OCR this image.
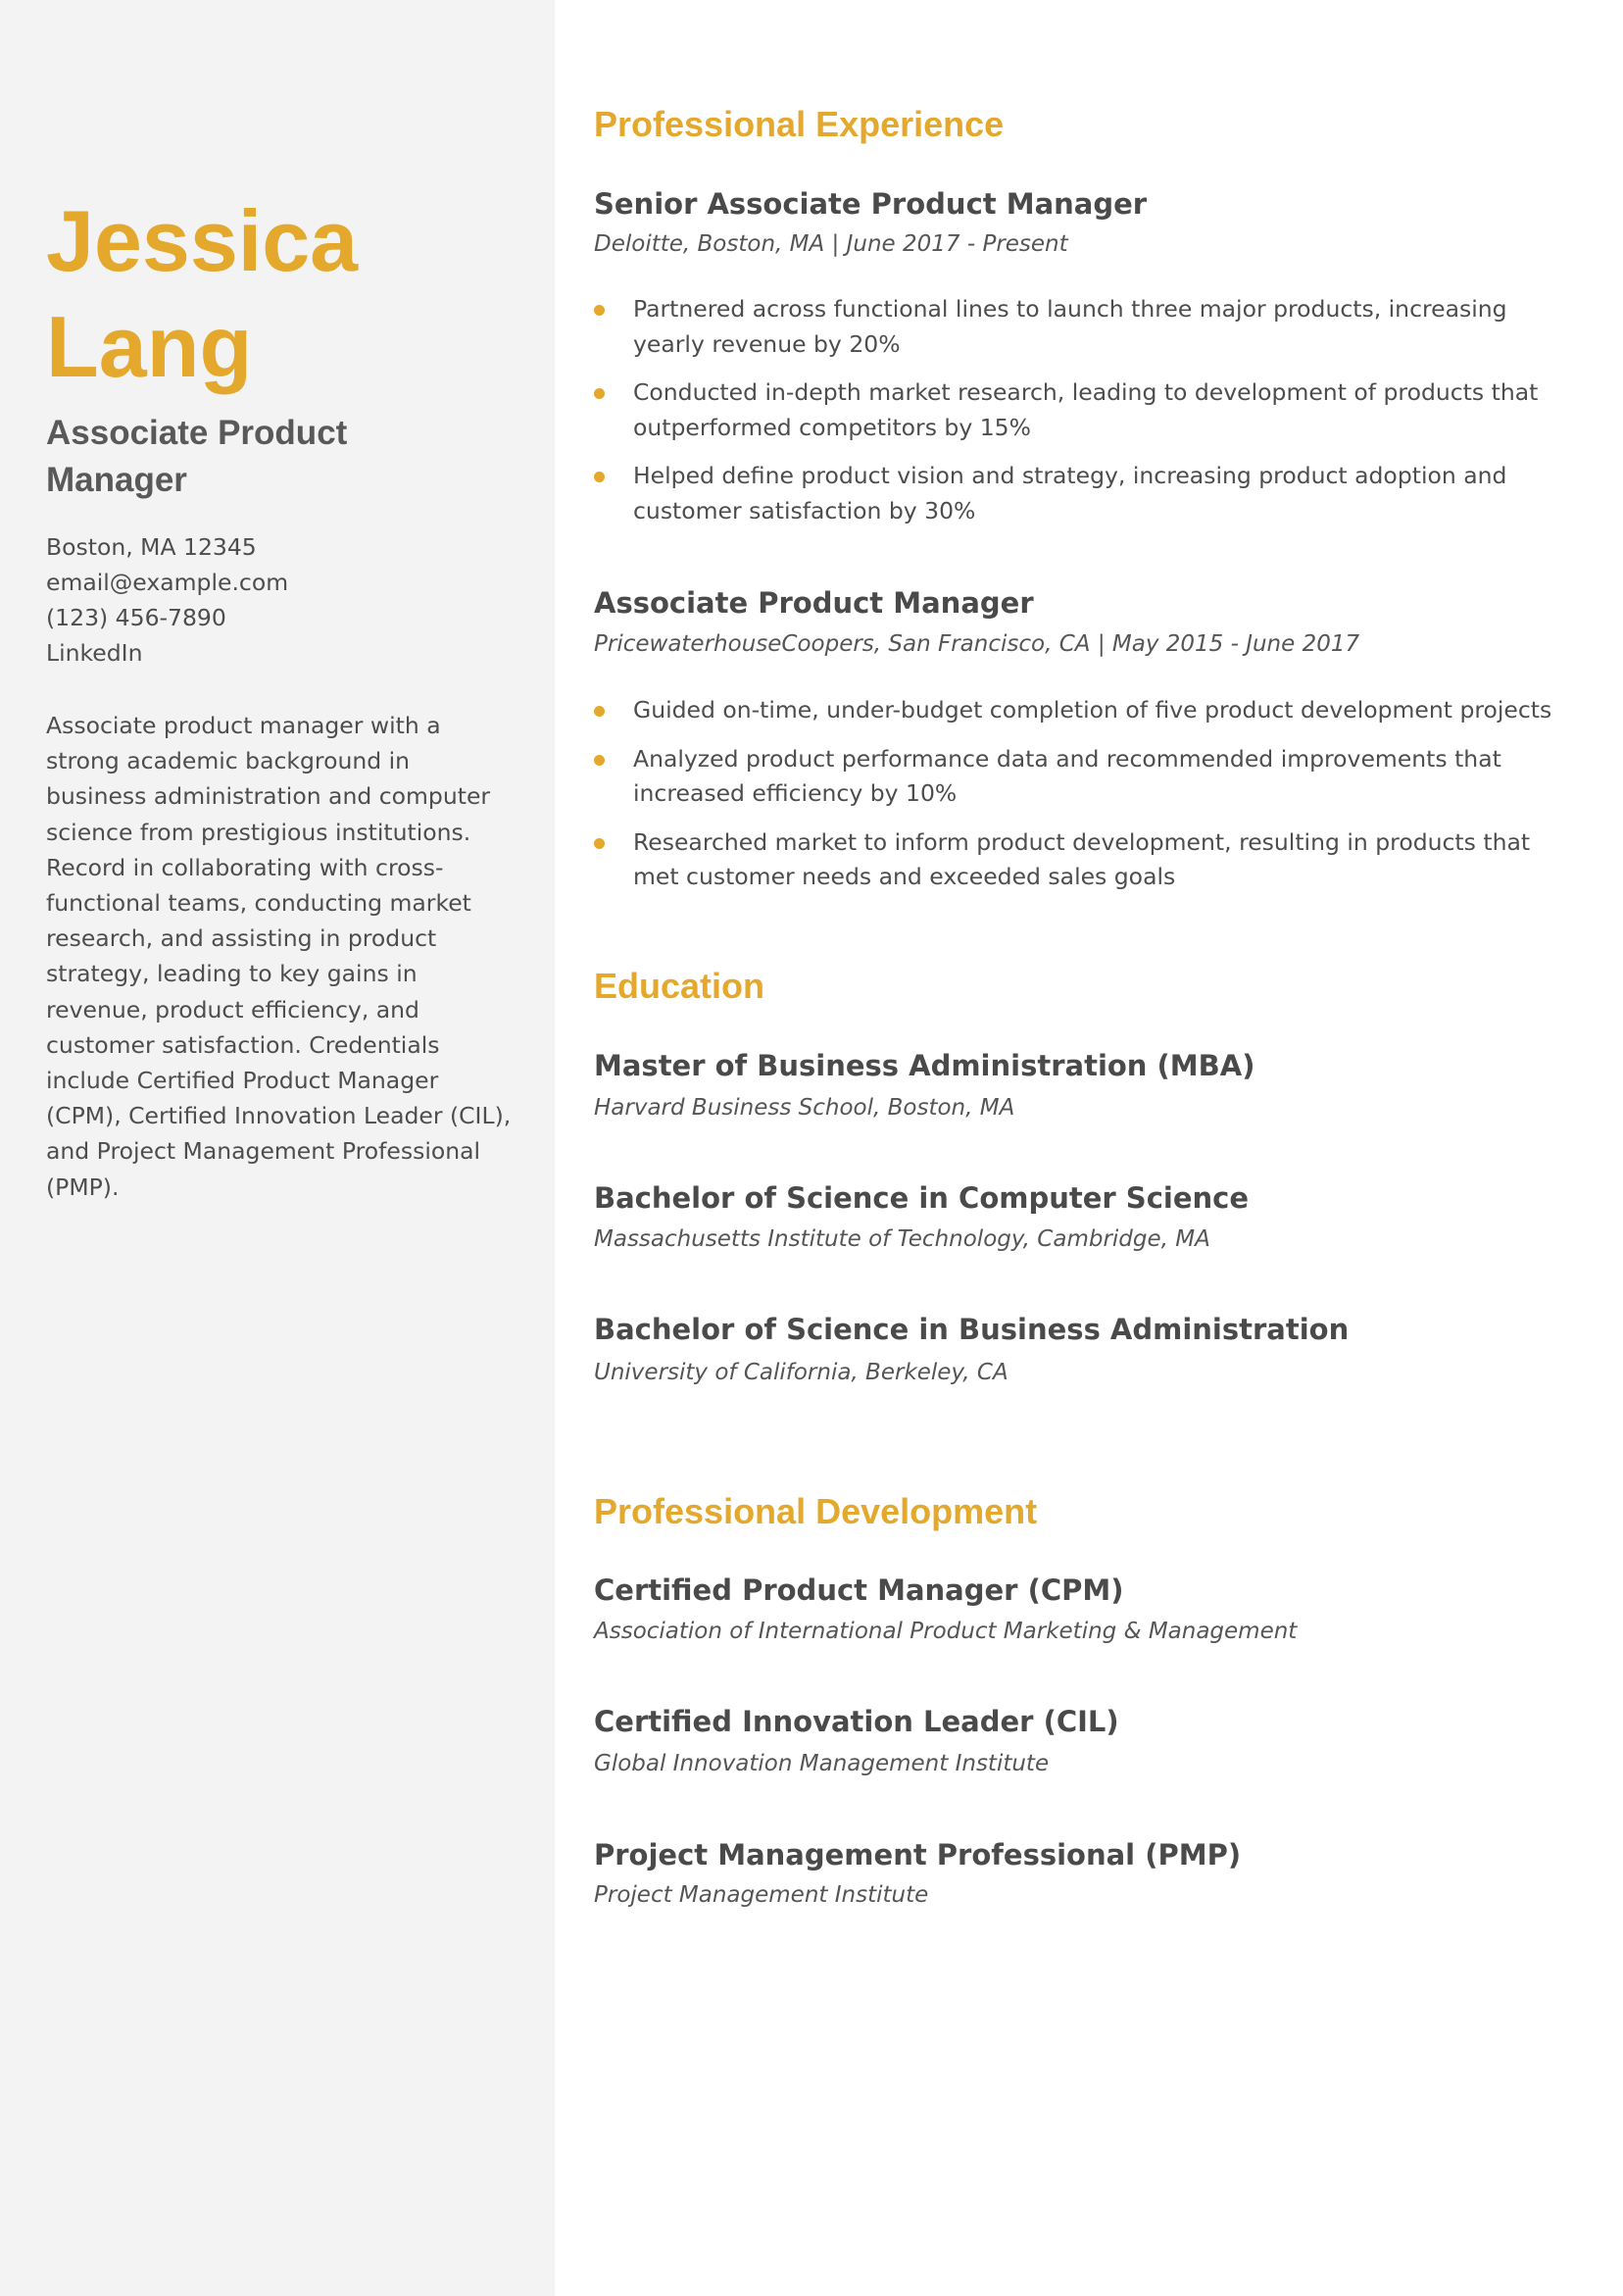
Jessica
Lang
Associate Product Manager
Boston, MA 12345
email@example.com
(123) 456-7890
LinkedIn

Associate product manager with a strong academic background in business administration and computer science from prestigious institutions. Record in collaborating with cross-functional teams, conducting market research, and assisting in product strategy, leading to key gains in revenue, product efficiency, and customer satisfaction. Credentials include Certified Product Manager (CPM), Certified Innovation Leader (CIL), and Project Management Professional (PMP).

Professional Experience
Senior Associate Product Manager

Deloitte, Boston, MA | June 2017 - Present

Partnered across functional lines to launch three major products, increasing yearly revenue by 20%
Conducted in-depth market research, leading to development of products that outperformed competitors by 15%
Helped define product vision and strategy, increasing product adoption and customer satisfaction by 30%
Associate Product Manager

PricewaterhouseCoopers, San Francisco, CA | May 2015 - June 2017

Guided on-time, under-budget completion of five product development projects
Analyzed product performance data and recommended improvements that increased efficiency by 10%
Researched market to inform product development, resulting in products that met customer needs and exceeded sales goals
Education
Master of Business Administration (MBA)

Harvard Business School, Boston, MA

Bachelor of Science in Computer Science

Massachusetts Institute of Technology, Cambridge, MA

Bachelor of Science in Business Administration

University of California, Berkeley, CA

Professional Development
Certified Product Manager (CPM)

Association of International Product Marketing & Management

Certified Innovation Leader (CIL)

Global Innovation Management Institute

Project Management Professional (PMP)

Project Management Institute
